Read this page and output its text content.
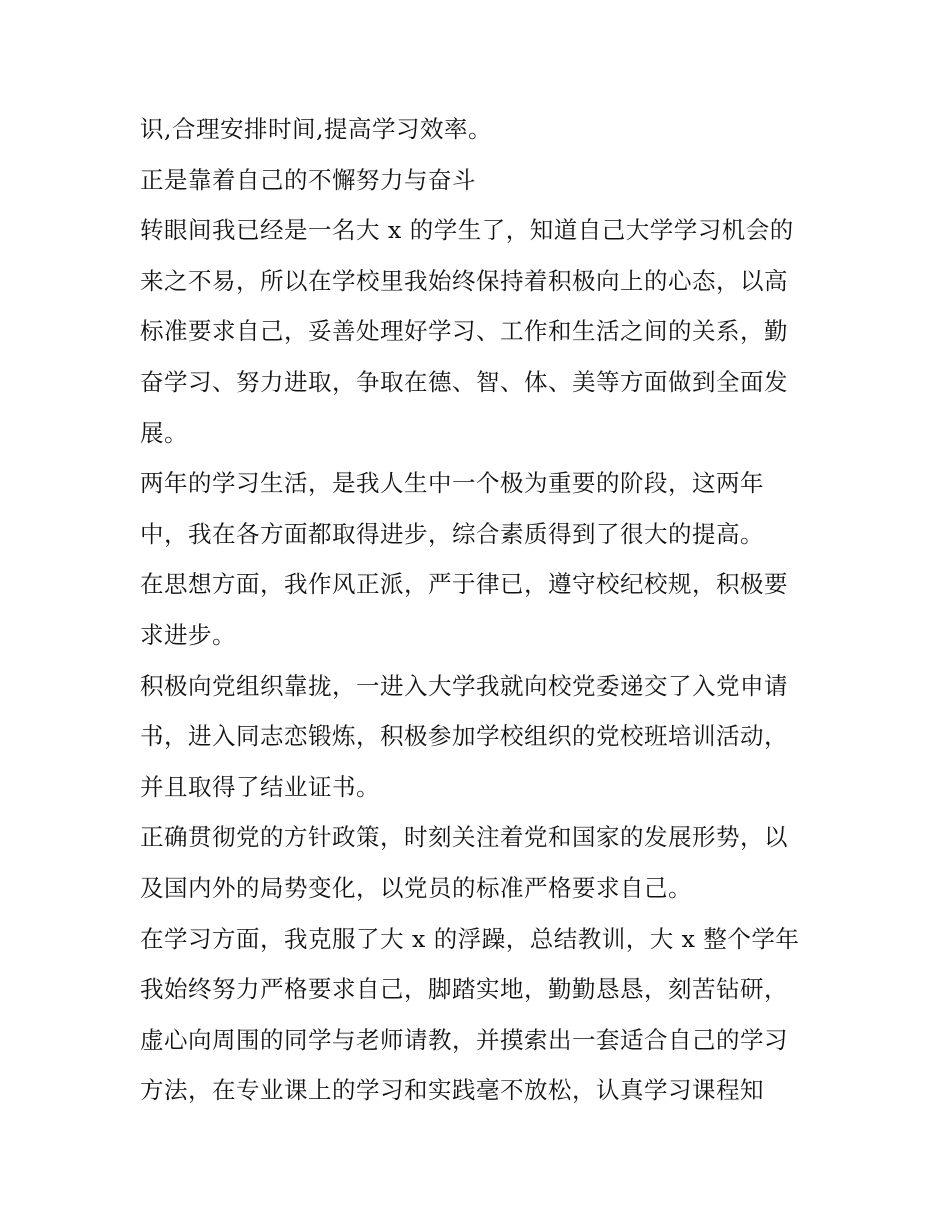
识,合理安排时间,提高学习效率。
正是靠着自己的不懈努力与奋斗
转眼间我已经是一名大 x 的学生了，知道自己大学学习机会的
来之不易，所以在学校里我始终保持着积极向上的心态，以高
标准要求自己，妥善处理好学习、工作和生活之间的关系，勤
奋学习、努力进取，争取在德、智、体、美等方面做到全面发
展。
两年的学习生活，是我人生中一个极为重要的阶段，这两年
中，我在各方面都取得进步，综合素质得到了很大的提高。
在思想方面，我作风正派，严于律已，遵守校纪校规，积极要
求进步。
积极向党组织靠拢，一进入大学我就向校党委递交了入党申请
书，进入同志恋锻炼，积极参加学校组织的党校班培训活动，
并且取得了结业证书。
正确贯彻党的方针政策，时刻关注着党和国家的发展形势，以
及国内外的局势变化，以党员的标准严格要求自己。
在学习方面，我克服了大 x 的浮躁，总结教训，大 x 整个学年
我始终努力严格要求自己，脚踏实地，勤勤恳恳，刻苦钻研，
虚心向周围的同学与老师请教，并摸索出一套适合自己的学习
方法，在专业课上的学习和实践毫不放松，认真学习课程知
